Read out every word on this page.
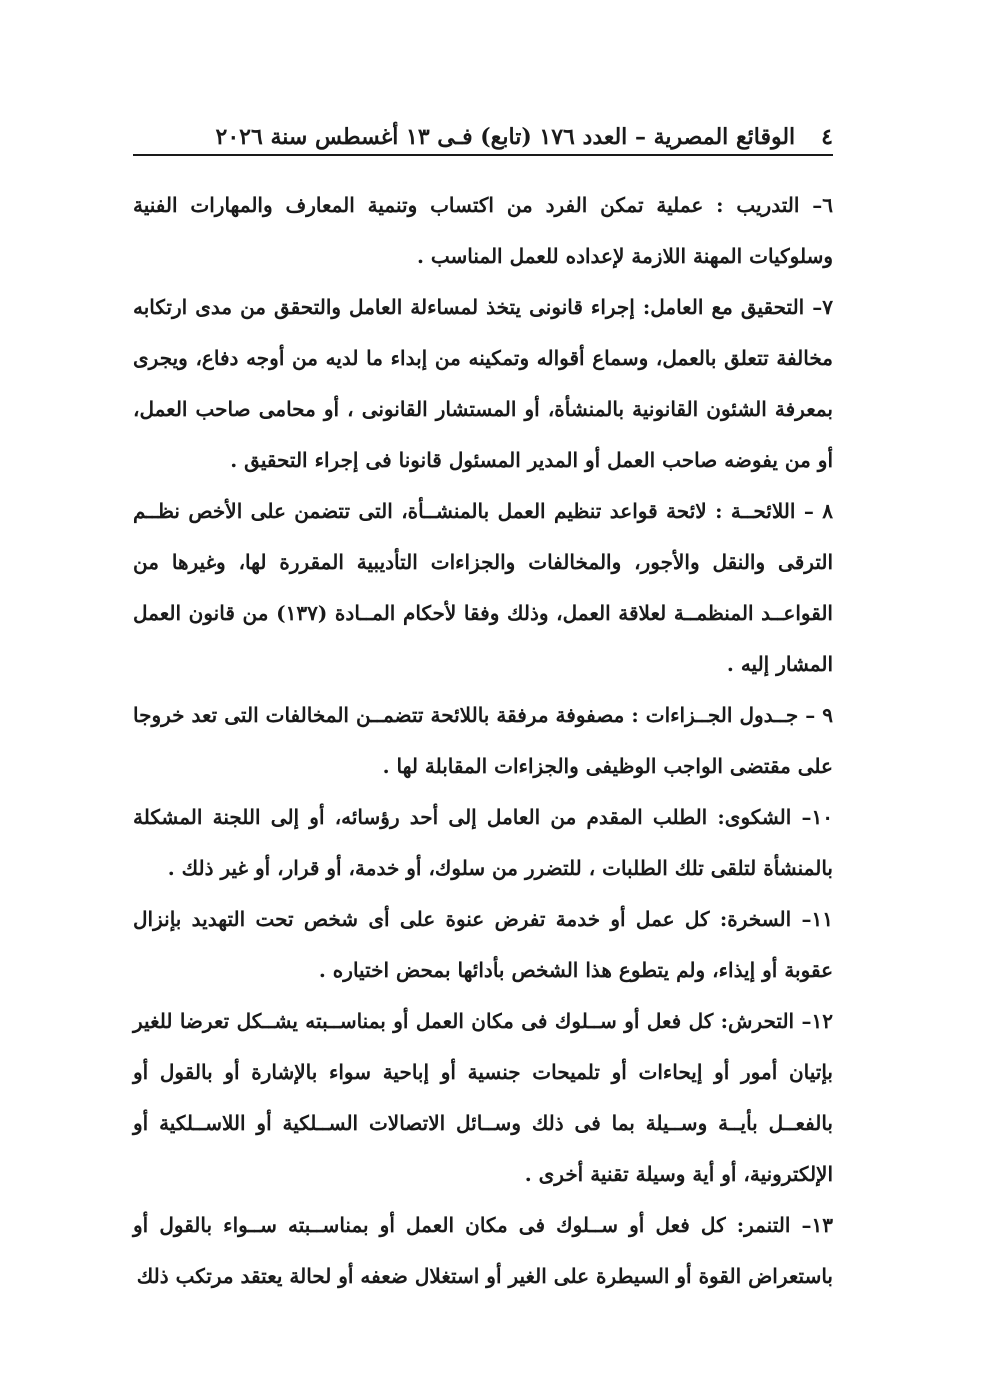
٤
الوقائع المصرية – العدد ١٧٦ (تابع) فـى ١٣ أغسطس سنة ٢٠٢٦

٦– التدريب : عملية تمكن الفرد من اكتساب وتنمية المعارف والمهارات الفنية وسلوكيات المهنة اللازمة لإعداده للعمل المناسب .

٧– التحقيق مع العامل: إجراء قانونى يتخذ لمساءلة العامل والتحقق من مدى ارتكابه مخالفة تتعلق بالعمل، وسماع أقواله وتمكينه من إبداء ما لديه من أوجه دفاع، ويجرى بمعرفة الشئون القانونية بالمنشأة، أو المستشار القانونى ، أو محامى صاحب العمل، أو من يفوضه صاحب العمل أو المدير المسئول قانونا فى إجراء التحقيق .

٨ – اللائحــة : لائحة قواعد تنظيم العمل بالمنشــأة، التى تتضمن على الأخص نظــم الترقى والنقل والأجور، والمخالفات والجزاءات التأديبية المقررة لها، وغيرها من القواعــد المنظمــة لعلاقة العمل، وذلك وفقا لأحكام المــادة (١٣٧) من قانون العمل المشار إليه .

٩ – جــدول الجــزاءات : مصفوفة مرفقة باللائحة تتضمــن المخالفات التى تعد خروجا على مقتضى الواجب الوظيفى والجزاءات المقابلة لها .

١٠– الشكوى: الطلب المقدم من العامل إلى أحد رؤسائه، أو إلى اللجنة المشكلة بالمنشأة لتلقى تلك الطلبات ، للتضرر من سلوك، أو خدمة، أو قرار، أو غير ذلك .

١١– السخرة: كل عمل أو خدمة تفرض عنوة على أى شخص تحت التهديد بإنزال عقوبة أو إيذاء، ولم يتطوع هذا الشخص بأدائها بمحض اختياره .

١٢– التحرش: كل فعل أو ســلوك فى مكان العمل أو بمناســبته يشــكل تعرضا للغير بإتيان أمور أو إيحاءات أو تلميحات جنسية أو إباحية سواء بالإشارة أو بالقول أو بالفعــل بأيــة وســيلة بما فى ذلك وســائل الاتصالات الســلكية أو اللاســلكية أو الإلكترونية، أو أية وسيلة تقنية أخرى .

١٣– التنمر: كل فعل أو ســلوك فى مكان العمل أو بمناســبته ســواء بالقول أو باستعراض القوة أو السيطرة على الغير أو استغلال ضعفه أو لحالة يعتقد مرتكب ذلك
